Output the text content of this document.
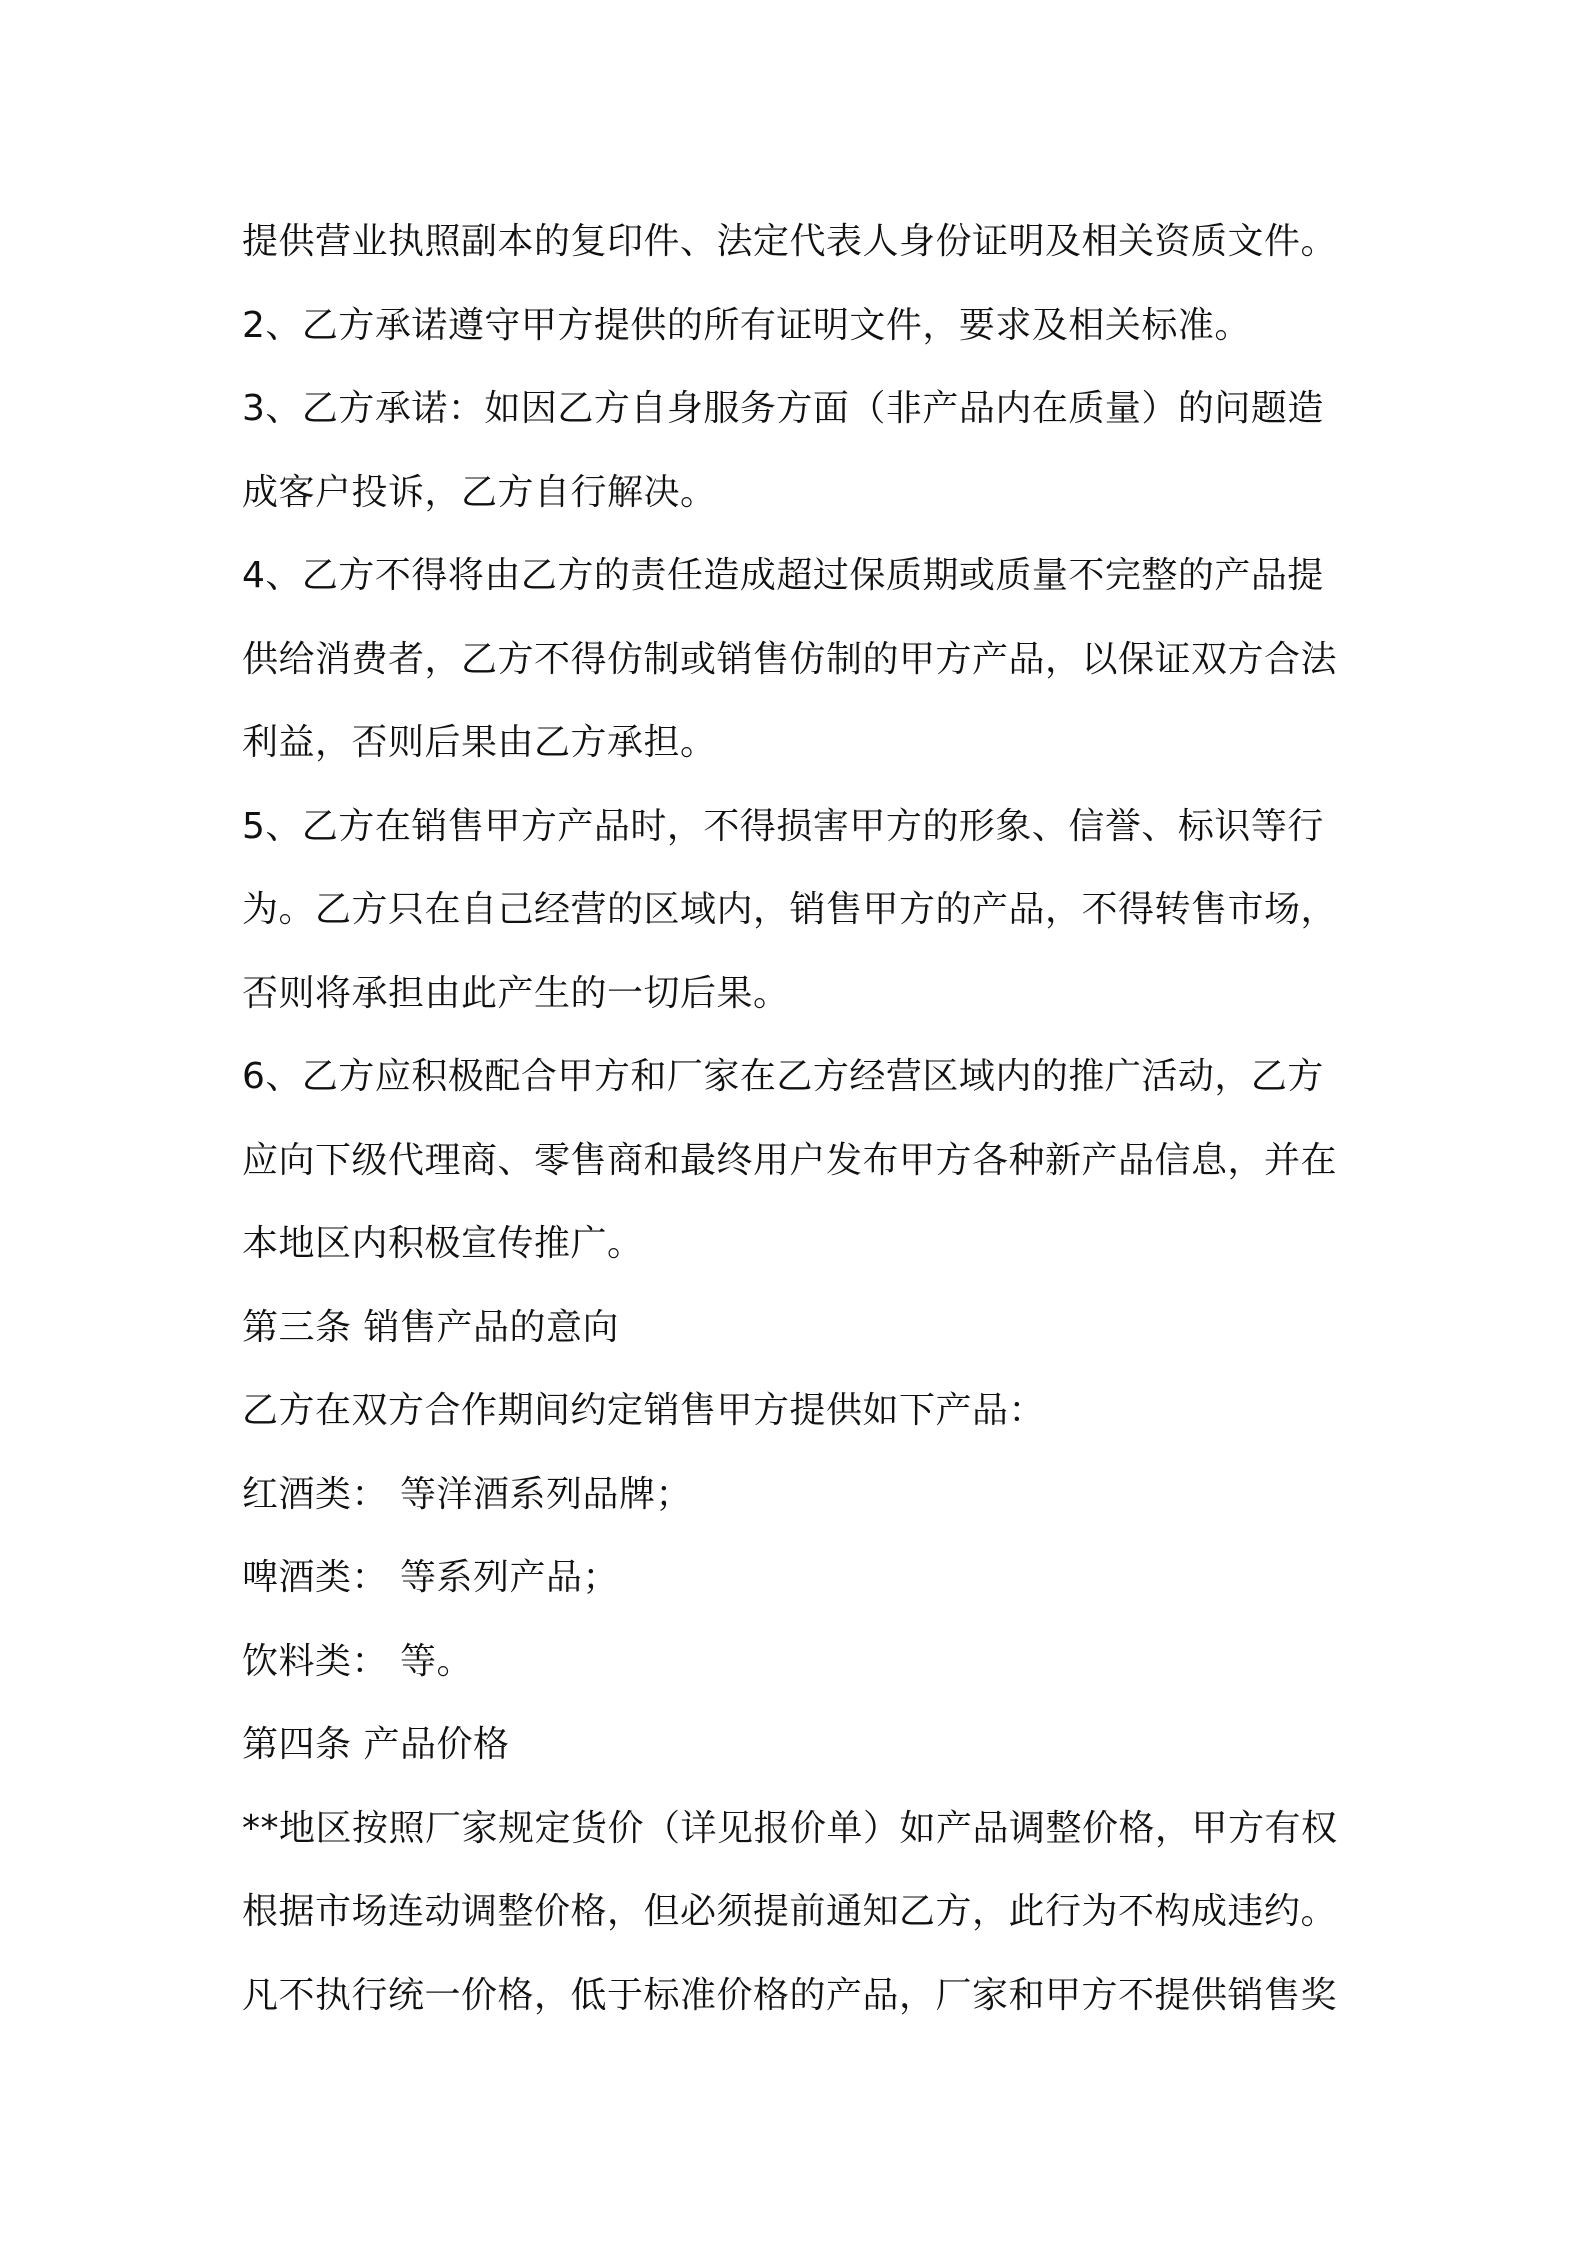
提供营业执照副本的复印件、法定代表人身份证明及相关资质文件。
2、乙方承诺遵守甲方提供的所有证明文件，要求及相关标准。
3、乙方承诺：如因乙方自身服务方面（非产品内在质量）的问题造
成客户投诉，乙方自行解决。
4、乙方不得将由乙方的责任造成超过保质期或质量不完整的产品提
供给消费者，乙方不得仿制或销售仿制的甲方产品，以保证双方合法
利益，否则后果由乙方承担。
5、乙方在销售甲方产品时，不得损害甲方的形象、信誉、标识等行
为。乙方只在自己经营的区域内，销售甲方的产品，不得转售市场，
否则将承担由此产生的一切后果。
6、乙方应积极配合甲方和厂家在乙方经营区域内的推广活动，乙方
应向下级代理商、零售商和最终用户发布甲方各种新产品信息，并在
本地区内积极宣传推广。
第三条 销售产品的意向
乙方在双方合作期间约定销售甲方提供如下产品：
红酒类： 等洋酒系列品牌；
啤酒类： 等系列产品；
饮料类： 等。
第四条 产品价格
**地区按照厂家规定货价（详见报价单）如产品调整价格，甲方有权
根据市场连动调整价格，但必须提前通知乙方，此行为不构成违约。
凡不执行统一价格，低于标准价格的产品，厂家和甲方不提供销售奖
